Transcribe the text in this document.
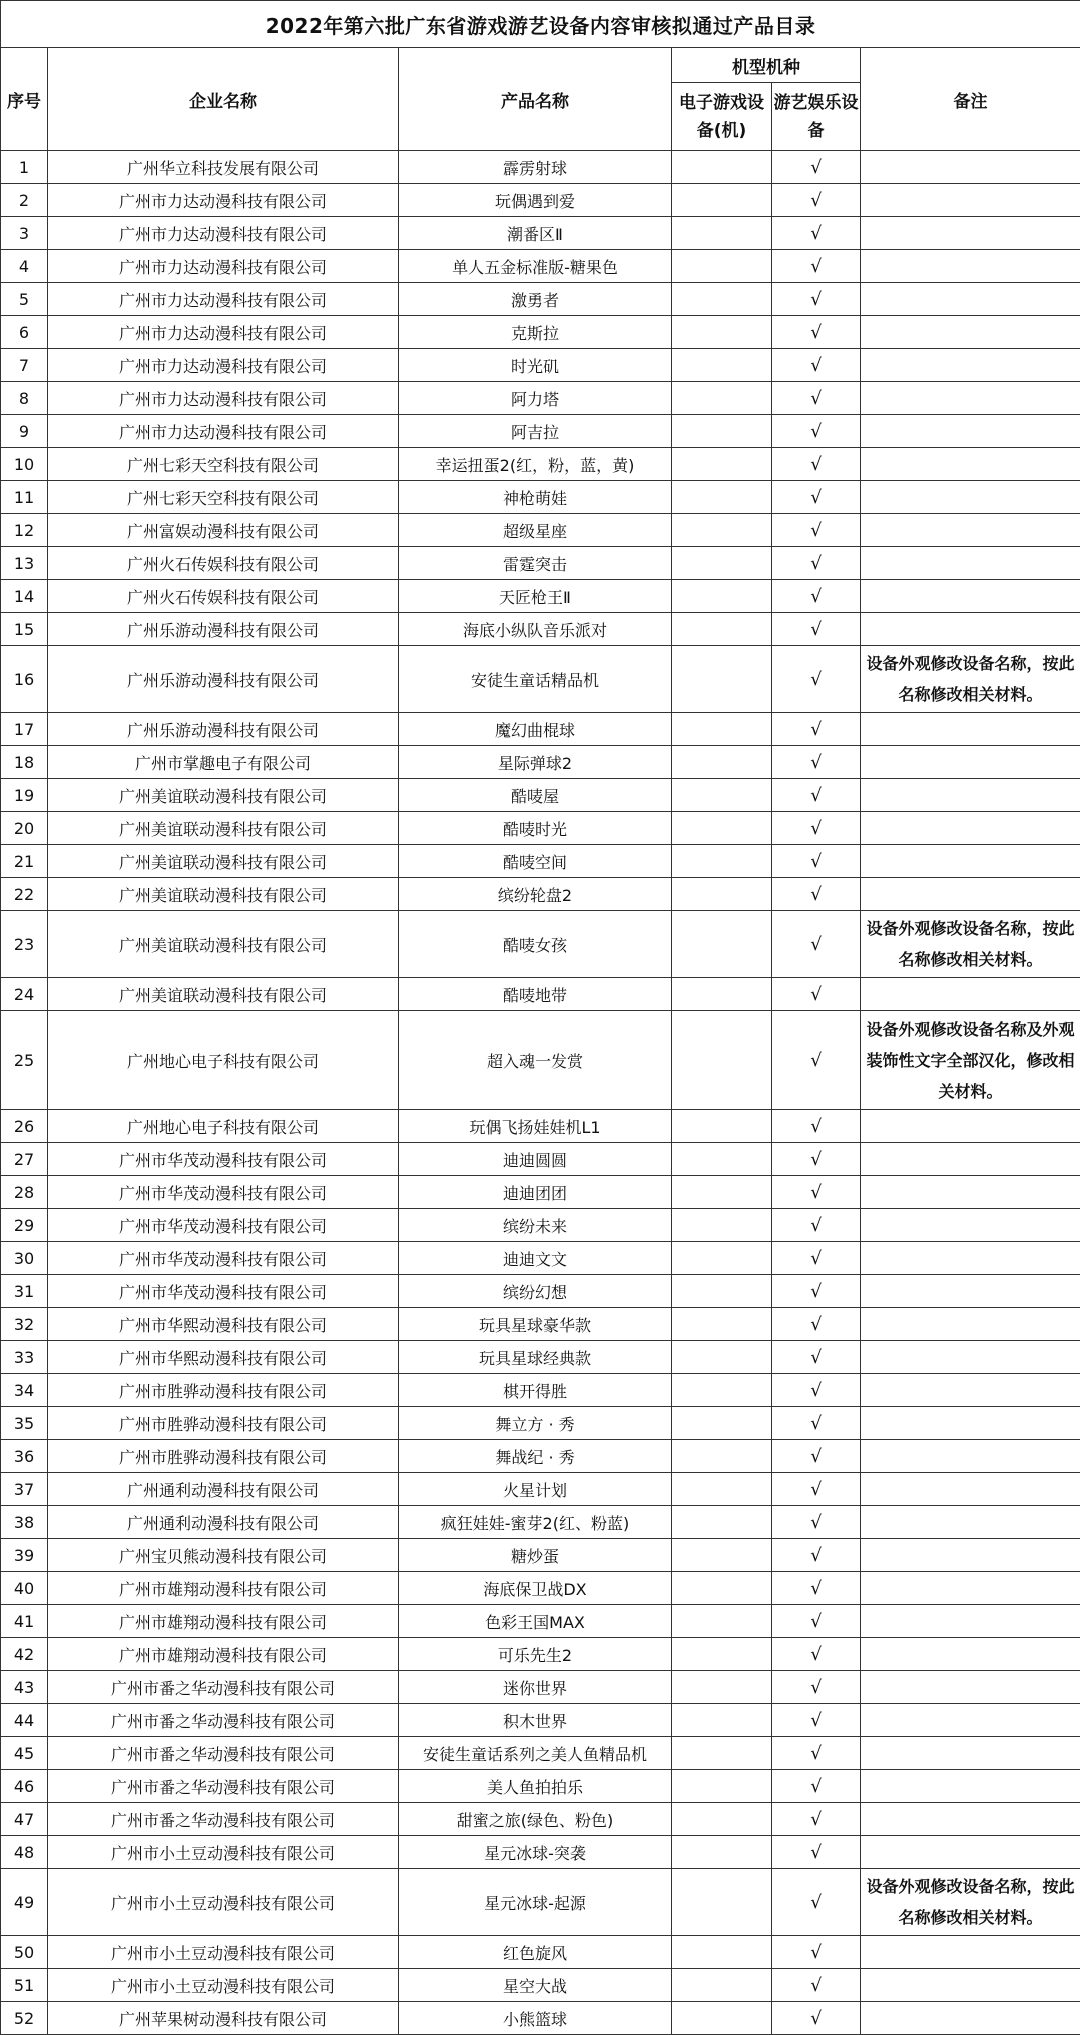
2022年第六批广东省游戏游艺设备内容审核拟通过产品目录					
序号	企业名称	产品名称	机型机种		备注
			电子游戏设备(机)	游艺娱乐设备	
1	广州华立科技发展有限公司	霹雳射球		√	
2	广州市力达动漫科技有限公司	玩偶遇到爱		√	
3	广州市力达动漫科技有限公司	潮番区Ⅱ		√	
4	广州市力达动漫科技有限公司	单人五金标准版-糖果色		√	
5	广州市力达动漫科技有限公司	激勇者		√	
6	广州市力达动漫科技有限公司	克斯拉		√	
7	广州市力达动漫科技有限公司	时光矶		√	
8	广州市力达动漫科技有限公司	阿力塔		√	
9	广州市力达动漫科技有限公司	阿吉拉		√	
10	广州七彩天空科技有限公司	幸运扭蛋2(红，粉，蓝，黄)		√	
11	广州七彩天空科技有限公司	神枪萌娃		√	
12	广州富娱动漫科技有限公司	超级星座		√	
13	广州火石传娱科技有限公司	雷霆突击		√	
14	广州火石传娱科技有限公司	天匠枪王Ⅱ		√	
15	广州乐游动漫科技有限公司	海底小纵队音乐派对		√	
16	广州乐游动漫科技有限公司	安徒生童话精品机		√	设备外观修改设备名称，按此名称修改相关材料。
17	广州乐游动漫科技有限公司	魔幻曲棍球		√	
18	广州市掌趣电子有限公司	星际弹球2		√	
19	广州美谊联动漫科技有限公司	酷唛屋		√	
20	广州美谊联动漫科技有限公司	酷唛时光		√	
21	广州美谊联动漫科技有限公司	酷唛空间		√	
22	广州美谊联动漫科技有限公司	缤纷轮盘2		√	
23	广州美谊联动漫科技有限公司	酷唛女孩		√	设备外观修改设备名称，按此名称修改相关材料。
24	广州美谊联动漫科技有限公司	酷唛地带		√	
25	广州地心电子科技有限公司	超入魂一发赏		√	设备外观修改设备名称及外观装饰性文字全部汉化，修改相关材料。
26	广州地心电子科技有限公司	玩偶飞扬娃娃机L1		√	
27	广州市华茂动漫科技有限公司	迪迪圆圆		√	
28	广州市华茂动漫科技有限公司	迪迪团团		√	
29	广州市华茂动漫科技有限公司	缤纷未来		√	
30	广州市华茂动漫科技有限公司	迪迪文文		√	
31	广州市华茂动漫科技有限公司	缤纷幻想		√	
32	广州市华熙动漫科技有限公司	玩具星球豪华款		√	
33	广州市华熙动漫科技有限公司	玩具星球经典款		√	
34	广州市胜骅动漫科技有限公司	棋开得胜		√	
35	广州市胜骅动漫科技有限公司	舞立方 · 秀		√	
36	广州市胜骅动漫科技有限公司	舞战纪 · 秀		√	
37	广州通利动漫科技有限公司	火星计划		√	
38	广州通利动漫科技有限公司	疯狂娃娃-蜜芽2(红、粉蓝)		√	
39	广州宝贝熊动漫科技有限公司	糖炒蛋		√	
40	广州市雄翔动漫科技有限公司	海底保卫战DX		√	
41	广州市雄翔动漫科技有限公司	色彩王国MAX		√	
42	广州市雄翔动漫科技有限公司	可乐先生2		√	
43	广州市番之华动漫科技有限公司	迷你世界		√	
44	广州市番之华动漫科技有限公司	积木世界		√	
45	广州市番之华动漫科技有限公司	安徒生童话系列之美人鱼精品机		√	
46	广州市番之华动漫科技有限公司	美人鱼拍拍乐		√	
47	广州市番之华动漫科技有限公司	甜蜜之旅(绿色、粉色)		√	
48	广州市小土豆动漫科技有限公司	星元冰球-突袭		√	
49	广州市小土豆动漫科技有限公司	星元冰球-起源		√	设备外观修改设备名称，按此名称修改相关材料。
50	广州市小土豆动漫科技有限公司	红色旋风		√	
51	广州市小土豆动漫科技有限公司	星空大战		√	
52	广州苹果树动漫科技有限公司	小熊篮球		√	
